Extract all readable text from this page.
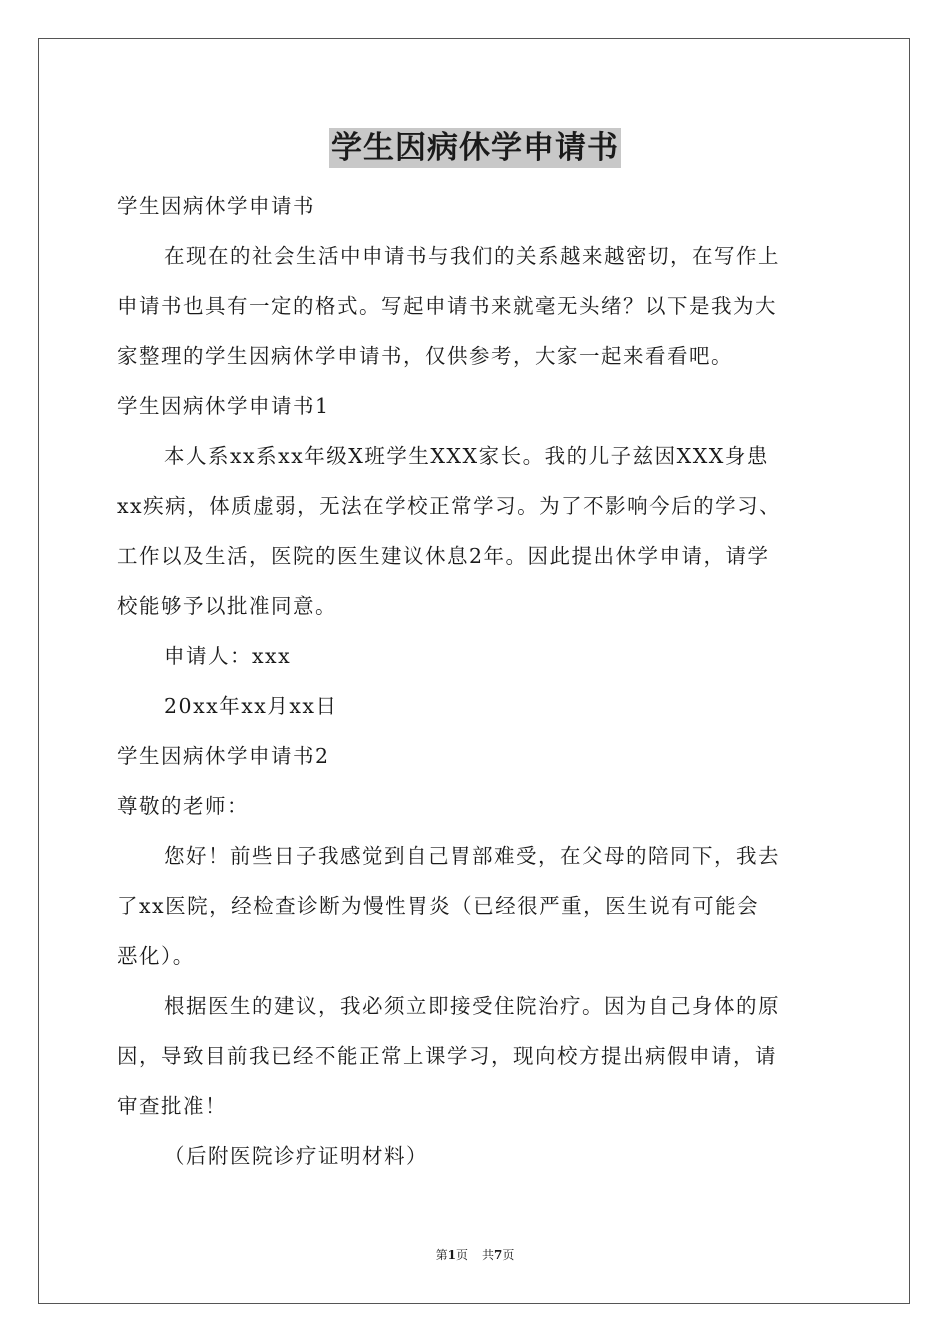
学生因病休学申请书
学生因病休学申请书
在现在的社会生活中申请书与我们的关系越来越密切，在写作上
申请书也具有一定的格式。写起申请书来就毫无头绪？以下是我为大
家整理的学生因病休学申请书，仅供参考，大家一起来看看吧。
学生因病休学申请书1
本人系xx系xx年级X班学生XXX家长。我的儿子兹因XXX身患
xx疾病，体质虚弱，无法在学校正常学习。为了不影响今后的学习、
工作以及生活，医院的医生建议休息2年。因此提出休学申请，请学
校能够予以批准同意。
申请人：xxx
20xx年xx月xx日
学生因病休学申请书2
尊敬的老师：
您好！前些日子我感觉到自己胃部难受，在父母的陪同下，我去
了xx医院，经检查诊断为慢性胃炎（已经很严重，医生说有可能会
恶化）。
根据医生的建议，我必须立即接受住院治疗。因为自己身体的原
因，导致目前我已经不能正常上课学习，现向校方提出病假申请，请
审查批准！
（后附医院诊疗证明材料）
第1页 共7页
